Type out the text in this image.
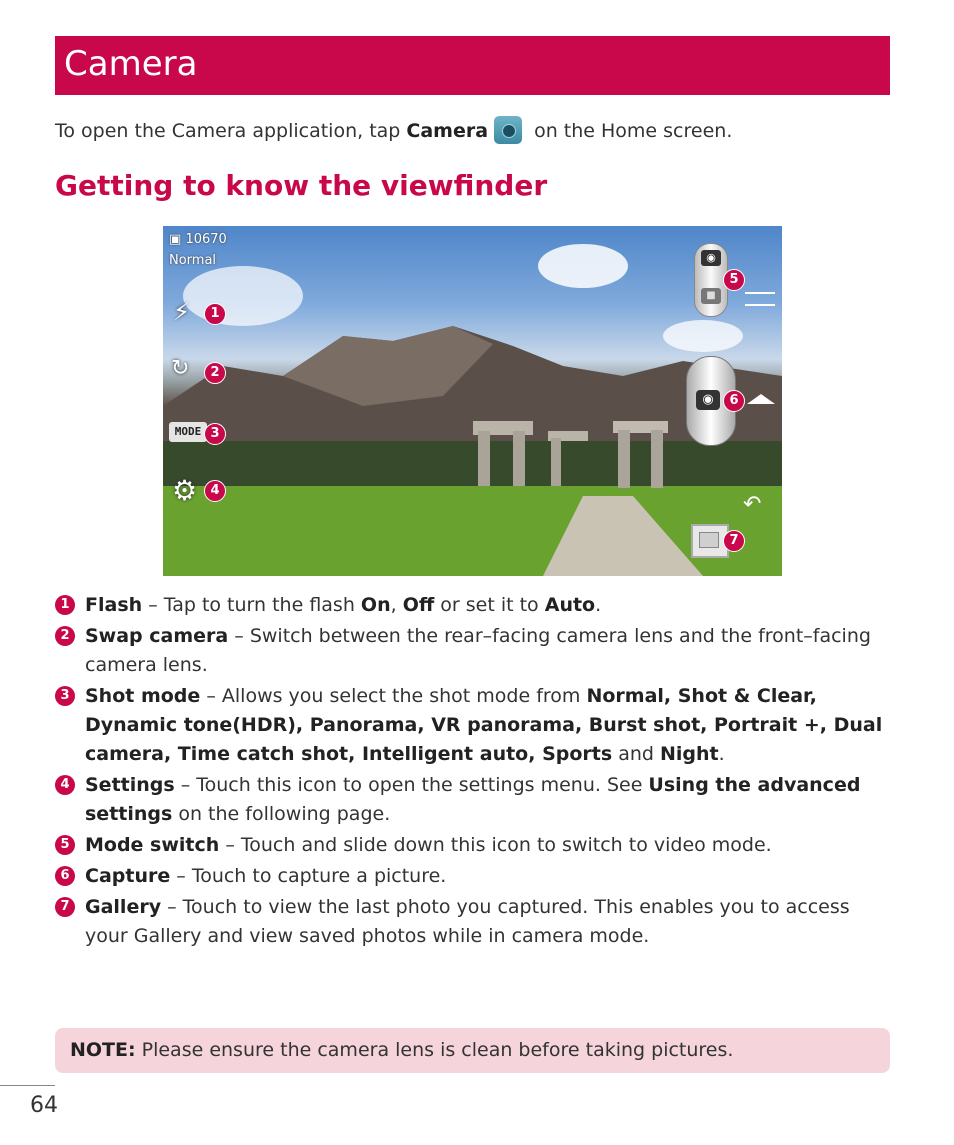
Camera
To open the Camera application, tap Camera on the Home screen.
Getting to know the viewfinder
▣ 10670
Normal
⚡	1
↻	2
MODE 3
⚙	4
◉
■
5
◉	6
↶
7
1 Flash – Tap to turn the flash On, Off or set it to Auto.
2 Swap camera – Switch between the rear–facing camera lens and the front–facing camera lens.
3 Shot mode – Allows you select the shot mode from Normal, Shot & Clear, Dynamic tone(HDR), Panorama, VR panorama, Burst shot, Portrait +, Dual camera, Time catch shot, Intelligent auto, Sports and Night.
4 Settings – Touch this icon to open the settings menu. See Using the advanced settings on the following page.
5 Mode switch – Touch and slide down this icon to switch to video mode.
6 Capture – Touch to capture a picture.
7 Gallery – Touch to view the last photo you captured. This enables you to access your Gallery and view saved photos while in camera mode.
NOTE: Please ensure the camera lens is clean before taking pictures.
64
